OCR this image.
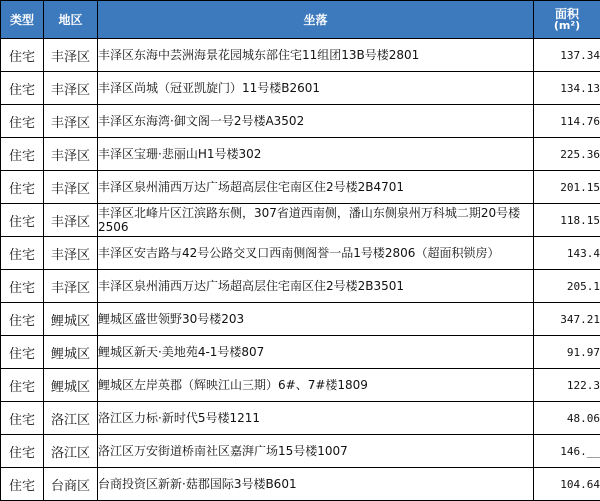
类型	地区	坐落	面积
(m²)

住宅	丰泽区	丰泽区东海中芸洲海景花园城东部住宅11组团13B号楼2801	137.34
住宅	丰泽区	丰泽区尚城（冠亚凯旋门）11号楼B2601	134.13
住宅	丰泽区	丰泽区东海湾·御文阁一号2号楼A3502	114.76
住宅	丰泽区	丰泽区宝珊·悲丽山H1号楼302	225.36
住宅	丰泽区	丰泽区泉州浦西万达广场超高层住宅南区住2号楼2B4701	201.15
住宅	丰泽区	丰泽区北峰片区江滨路东侧，307省道西南侧，潘山东侧泉州万科城二期20号楼2506	118.15
住宅	丰泽区	丰泽区安吉路与42号公路交叉口西南侧阁誉一品1号楼2806（超面积锁房）	143.4
住宅	丰泽区	丰泽区泉州浦西万达广场超高层住宅南区住2号楼2B3501	205.1
住宅	鲤城区	鲤城区盛世领野30号楼203	347.21
住宅	鲤城区	鲤城区新天·美地苑4-1号楼807	91.97
住宅	鲤城区	鲤城区左岸英郡（辉映江山三期）6#、7#楼1809	122.3
住宅	洛江区	洛江区力标·新时代5号楼1211	48.06
住宅	洛江区	洛江区万安街道桥南社区嘉湃广场15号楼1007	146.__
住宅	台商区	台商投资区新新·菇郡国际3号楼B601	104.64
